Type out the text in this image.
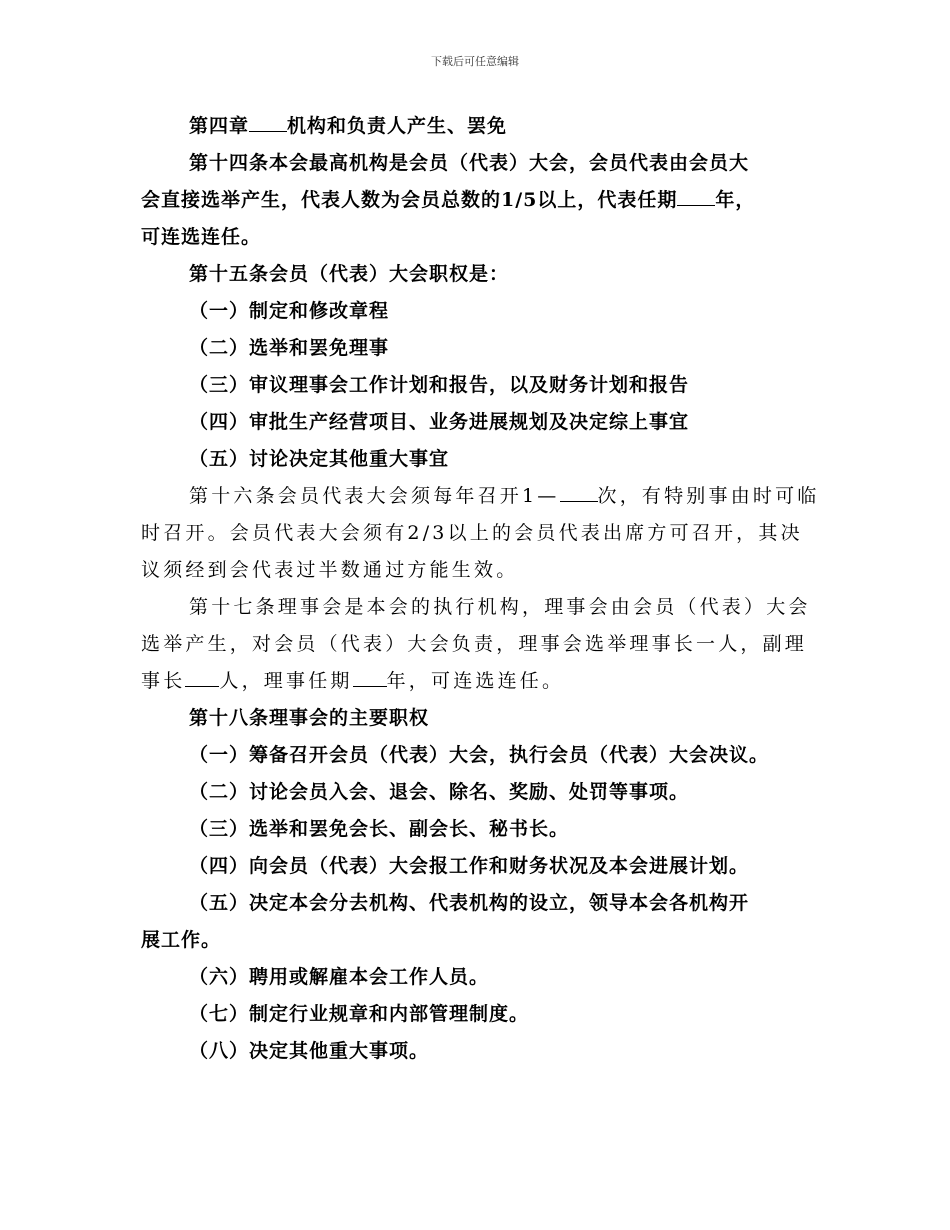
下载后可任意编辑

第四章 机构和负责人产生、罢免

第十四条本会最高机构是会员（代表）大会，会员代表由会员大
会直接选举产生，代表人数为会员总数的1/5以上，代表任期 年，
可连选连任。

第十五条会员（代表）大会职权是：

（一）制定和修改章程

（二）选举和罢免理事

（三）审议理事会工作计划和报告，以及财务计划和报告

（四）审批生产经营项目、业务进展规划及决定综上事宜

（五）讨论决定其他重大事宜

第十六条会员代表大会须每年召开1— 次，有特别事由时可临
时召开。会员代表大会须有2/3以上的会员代表出席方可召开，其决
议须经到会代表过半数通过方能生效。

第十七条理事会是本会的执行机构，理事会由会员（代表）大会
选举产生，对会员（代表）大会负责，理事会选举理事长一人，副理
事长 人，理事任期 年，可连选连任。

第十八条理事会的主要职权

（一）筹备召开会员（代表）大会，执行会员（代表）大会决议。

（二）讨论会员入会、退会、除名、奖励、处罚等事项。

（三）选举和罢免会长、副会长、秘书长。

（四）向会员（代表）大会报工作和财务状况及本会进展计划。

（五）决定本会分去机构、代表机构的设立，领导本会各机构开
展工作。

（六）聘用或解雇本会工作人员。

（七）制定行业规章和内部管理制度。

（八）决定其他重大事项。
